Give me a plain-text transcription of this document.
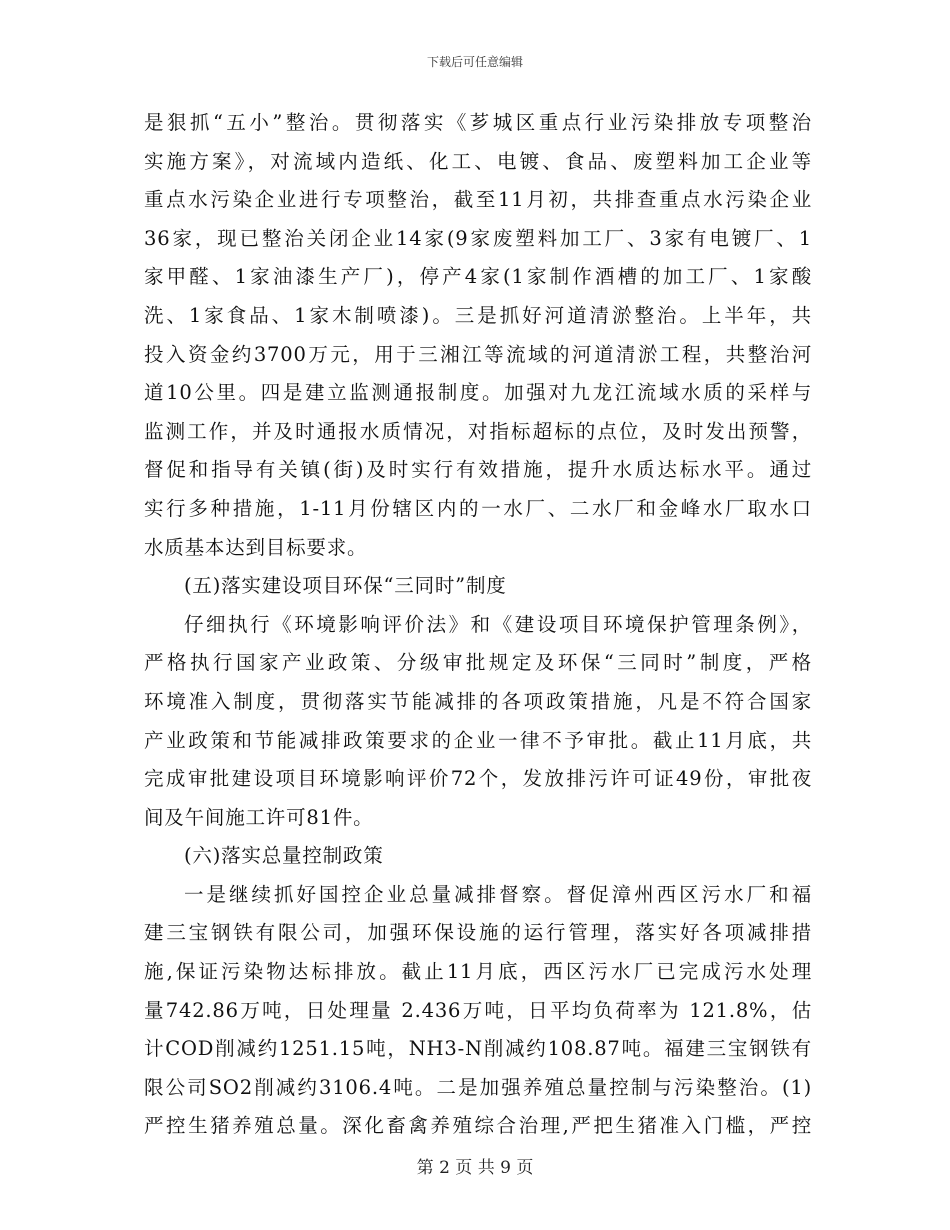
下载后可任意编辑
是狠抓“五小”整治。贯彻落实《芗城区重点行业污染排放专项整治
实施方案》，对流域内造纸、化工、电镀、食品、废塑料加工企业等
重点水污染企业进行专项整治，截至11月初，共排查重点水污染企业
36家，现已整治关闭企业14家(9家废塑料加工厂、3家有电镀厂、1
家甲醛、1家油漆生产厂)，停产4家(1家制作酒槽的加工厂、1家酸
洗、1家食品、1家木制喷漆)。三是抓好河道清淤整治。上半年，共
投入资金约3700万元，用于三湘江等流域的河道清淤工程，共整治河
道10公里。四是建立监测通报制度。加强对九龙江流域水质的采样与
监测工作，并及时通报水质情况，对指标超标的点位，及时发出预警，
督促和指导有关镇(街)及时实行有效措施，提升水质达标水平。通过
实行多种措施，1-11月份辖区内的一水厂、二水厂和金峰水厂取水口
水质基本达到目标要求。
(五)落实建设项目环保“三同时”制度
仔细执行《环境影响评价法》和《建设项目环境保护管理条例》，
严格执行国家产业政策、分级审批规定及环保“三同时”制度，严格
环境准入制度，贯彻落实节能减排的各项政策措施，凡是不符合国家
产业政策和节能减排政策要求的企业一律不予审批。截止11月底，共
完成审批建设项目环境影响评价72个，发放排污许可证49份，审批夜
间及午间施工许可81件。
(六)落实总量控制政策
一是继续抓好国控企业总量减排督察。督促漳州西区污水厂和福
建三宝钢铁有限公司，加强环保设施的运行管理，落实好各项减排措
施,保证污染物达标排放。截止11月底，西区污水厂已完成污水处理
量742.86万吨，日处理量 2.436万吨，日平均负荷率为 121.8%，估
计COD削减约1251.15吨，NH3-N削减约108.87吨。福建三宝钢铁有
限公司SO2削减约3106.4吨。二是加强养殖总量控制与污染整治。(1)
严控生猪养殖总量。深化畜禽养殖综合治理,严把生猪准入门槛，严控
第 2 页 共 9 页
